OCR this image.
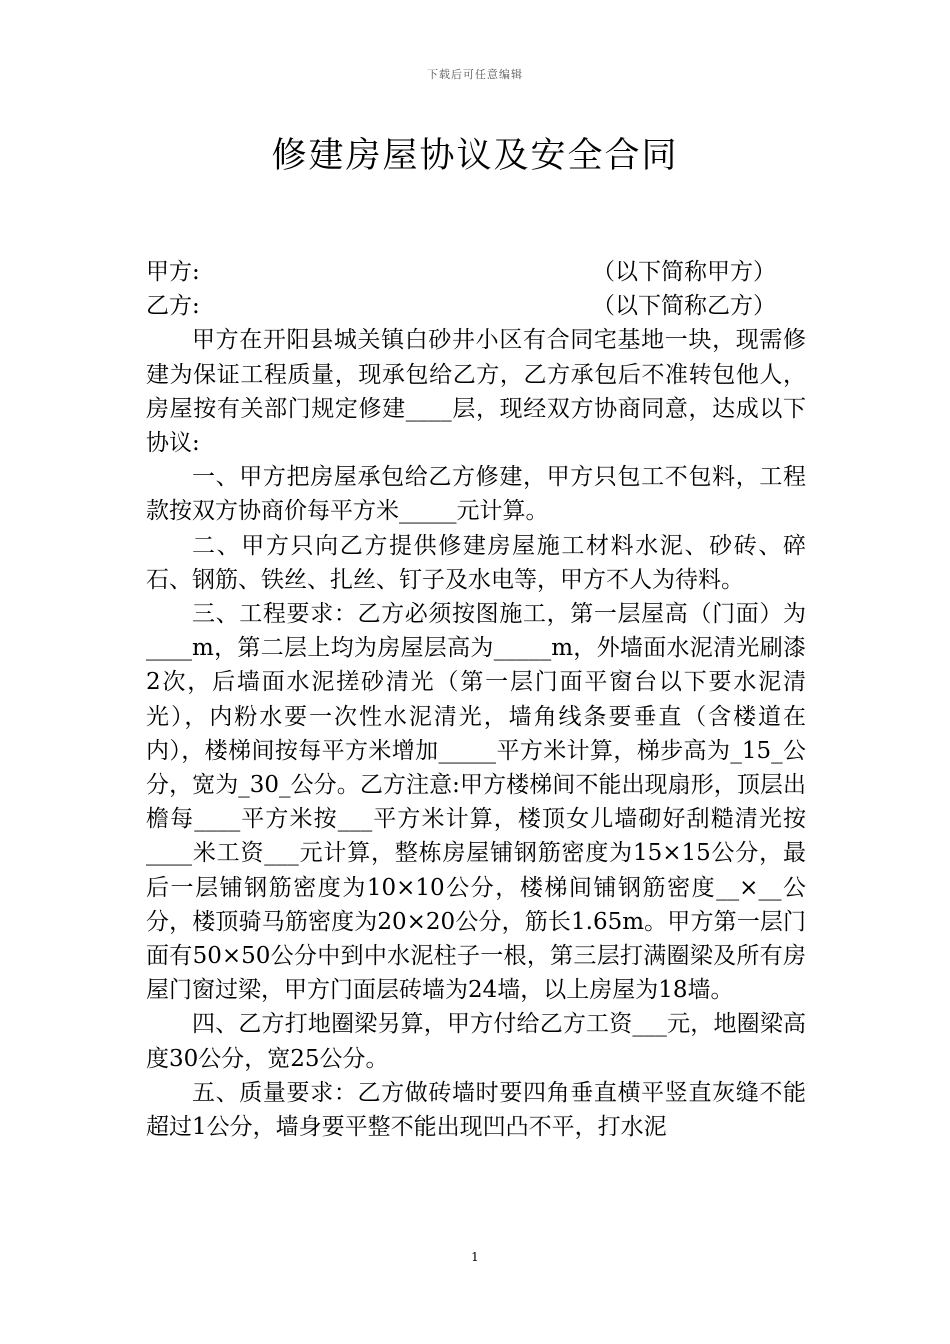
下载后可任意编辑
修建房屋协议及安全合同
甲方:	（以下简称甲方）
乙方:	（以下简称乙方）

甲方在开阳县城关镇白砂井小区有合同宅基地一块，现需修建为保证工程质量，现承包给乙方，乙方承包后不准转包他人，房屋按有关部门规定修建____层，现经双方协商同意，达成以下协议:

一、甲方把房屋承包给乙方修建，甲方只包工不包料，工程款按双方协商价每平方米_____元计算。

二、甲方只向乙方提供修建房屋施工材料水泥、砂砖、碎石、钢筋、铁丝、扎丝、钉子及水电等，甲方不人为待料。

三、工程要求：乙方必须按图施工，第一层屋高（门面）为____m，第二层上均为房屋层高为_____m，外墙面水泥清光刷漆2次，后墙面水泥搓砂清光（第一层门面平窗台以下要水泥清光），内粉水要一次性水泥清光，墙角线条要垂直（含楼道在内），楼梯间按每平方米增加_____平方米计算，梯步高为_15_公分，宽为_30_公分。乙方注意:甲方楼梯间不能出现扇形，顶层出檐每____平方米按___平方米计算，楼顶女儿墙砌好刮糙清光按____米工资___元计算，整栋房屋铺钢筋密度为15×15公分，最后一层铺钢筋密度为10×10公分，楼梯间铺钢筋密度__×__公分，楼顶骑马筋密度为20×20公分，筋长1.65m。甲方第一层门面有50×50公分中到中水泥柱子一根，第三层打满圈梁及所有房屋门窗过梁，甲方门面层砖墙为24墙，以上房屋为18墙。

四、乙方打地圈梁另算，甲方付给乙方工资___元，地圈梁高度30公分，宽25公分。

五、质量要求：乙方做砖墙时要四角垂直横平竖直灰缝不能超过1公分，墙身要平整不能出现凹凸不平，打水泥

1
